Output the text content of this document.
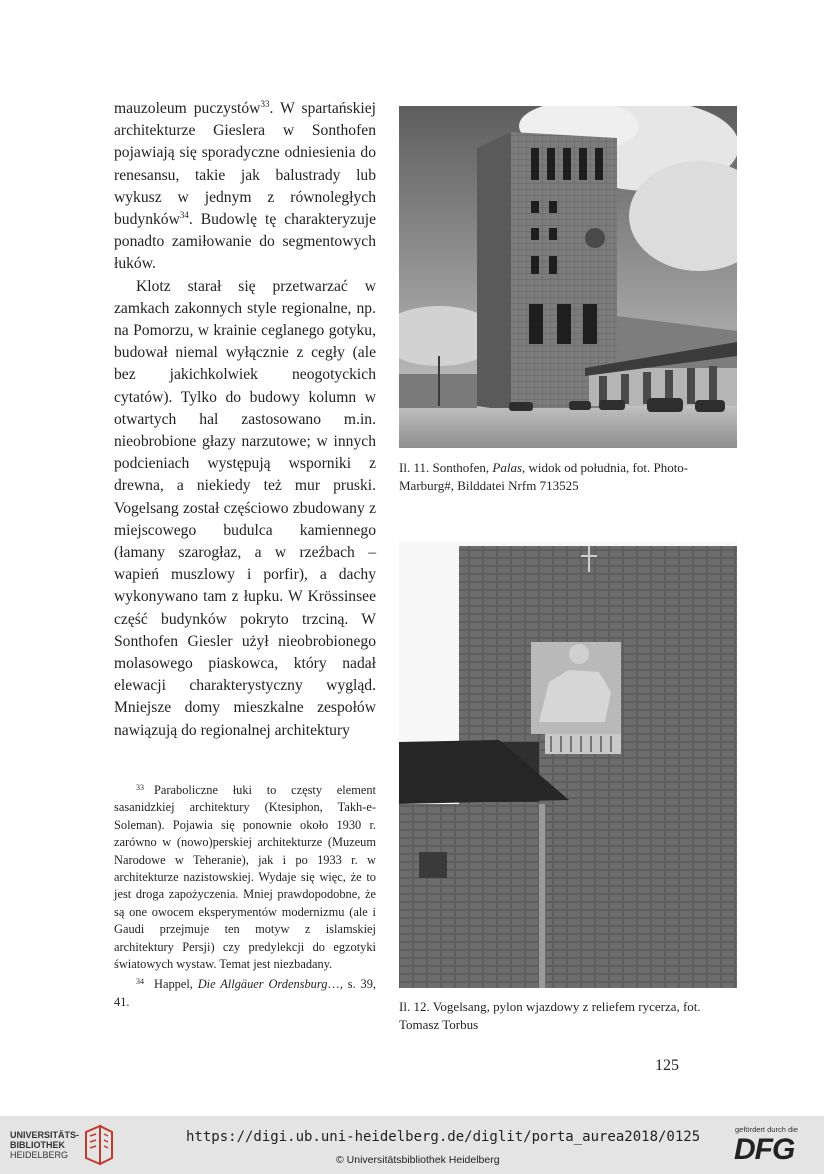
mauzoleum puczystów$^{33}$. W spartańskiej architekturze Gieslera w Sonthofen pojawiają się sporadyczne odniesienia do renesansu, takie jak balustrady lub wykusz w jednym z równoległych budynków$^{34}$. Budowlę tę charakteryzuje ponadto zamiłowanie do segmentowych łuków.

Klotz starał się przetwarzać w zamkach zakonnych style regionalne, np. na Pomorzu, w krainie ceglanego gotyku, budował niemal wyłącznie z cegły (ale bez jakichkolwiek neogotyckich cytatów). Tylko do budowy kolumn w otwartych hal zastosowano m.in. nieobrobione głazy narzutowe; w innych podcieniach występują wsporniki z drewna, a niekiedy też mur pruski. Vogelsang został częściowo zbudowany z miejscowego budulca kamiennego (łamany szarogłaz, a w rzeźbach – wapień muszlowy i porfir), a dachy wykonywano tam z łupku. W Krössinsee część budynków pokryto trzciną. W Sonthofen Giesler użył nieobrobionego molasowego piaskowca, który nadał elewacji charakterystyczny wygląd. Mniejsze domy mieszkalne zespołów nawiązują do regionalnej architektury

$^{33}$ Paraboliczne łuki to częsty element sasanidzkiej architektury (Ktesiphon, Takh-e-Soleman). Pojawia się ponownie około 1930 r. zarówno w (nowo)perskiej architekturze (Muzeum Narodowe w Teheranie), jak i po 1933 r. w architekturze nazistowskiej. Wydaje się więc, że to jest droga zapożyczenia. Mniej prawdopodobne, że są one owocem eksperymentów modernizmu (ale i Gaudi przejmuje ten motyw z islamskiej architektury Persji) czy predylekcji do egzotyki światowych wystaw. Temat jest niezbadany.

$^{34}$ Happel, Die Allgäuer Ordensburg…, s. 39, 41.

Il. 11. Sonthofen, Palas, widok od południa, fot. Photo-Marburg#, Bilddatei Nrfm 713525
Il. 12. Vogelsang, pylon wjazdowy z reliefem rycerza, fot. Tomasz Torbus
125
UNIVERSITÄTS-
BIBLIOTHEK
HEIDELBERG
https://digi.ub.uni-heidelberg.de/diglit/porta_aurea2018/0125
© Universitätsbibliothek Heidelberg
gefördert durch die
DFG
